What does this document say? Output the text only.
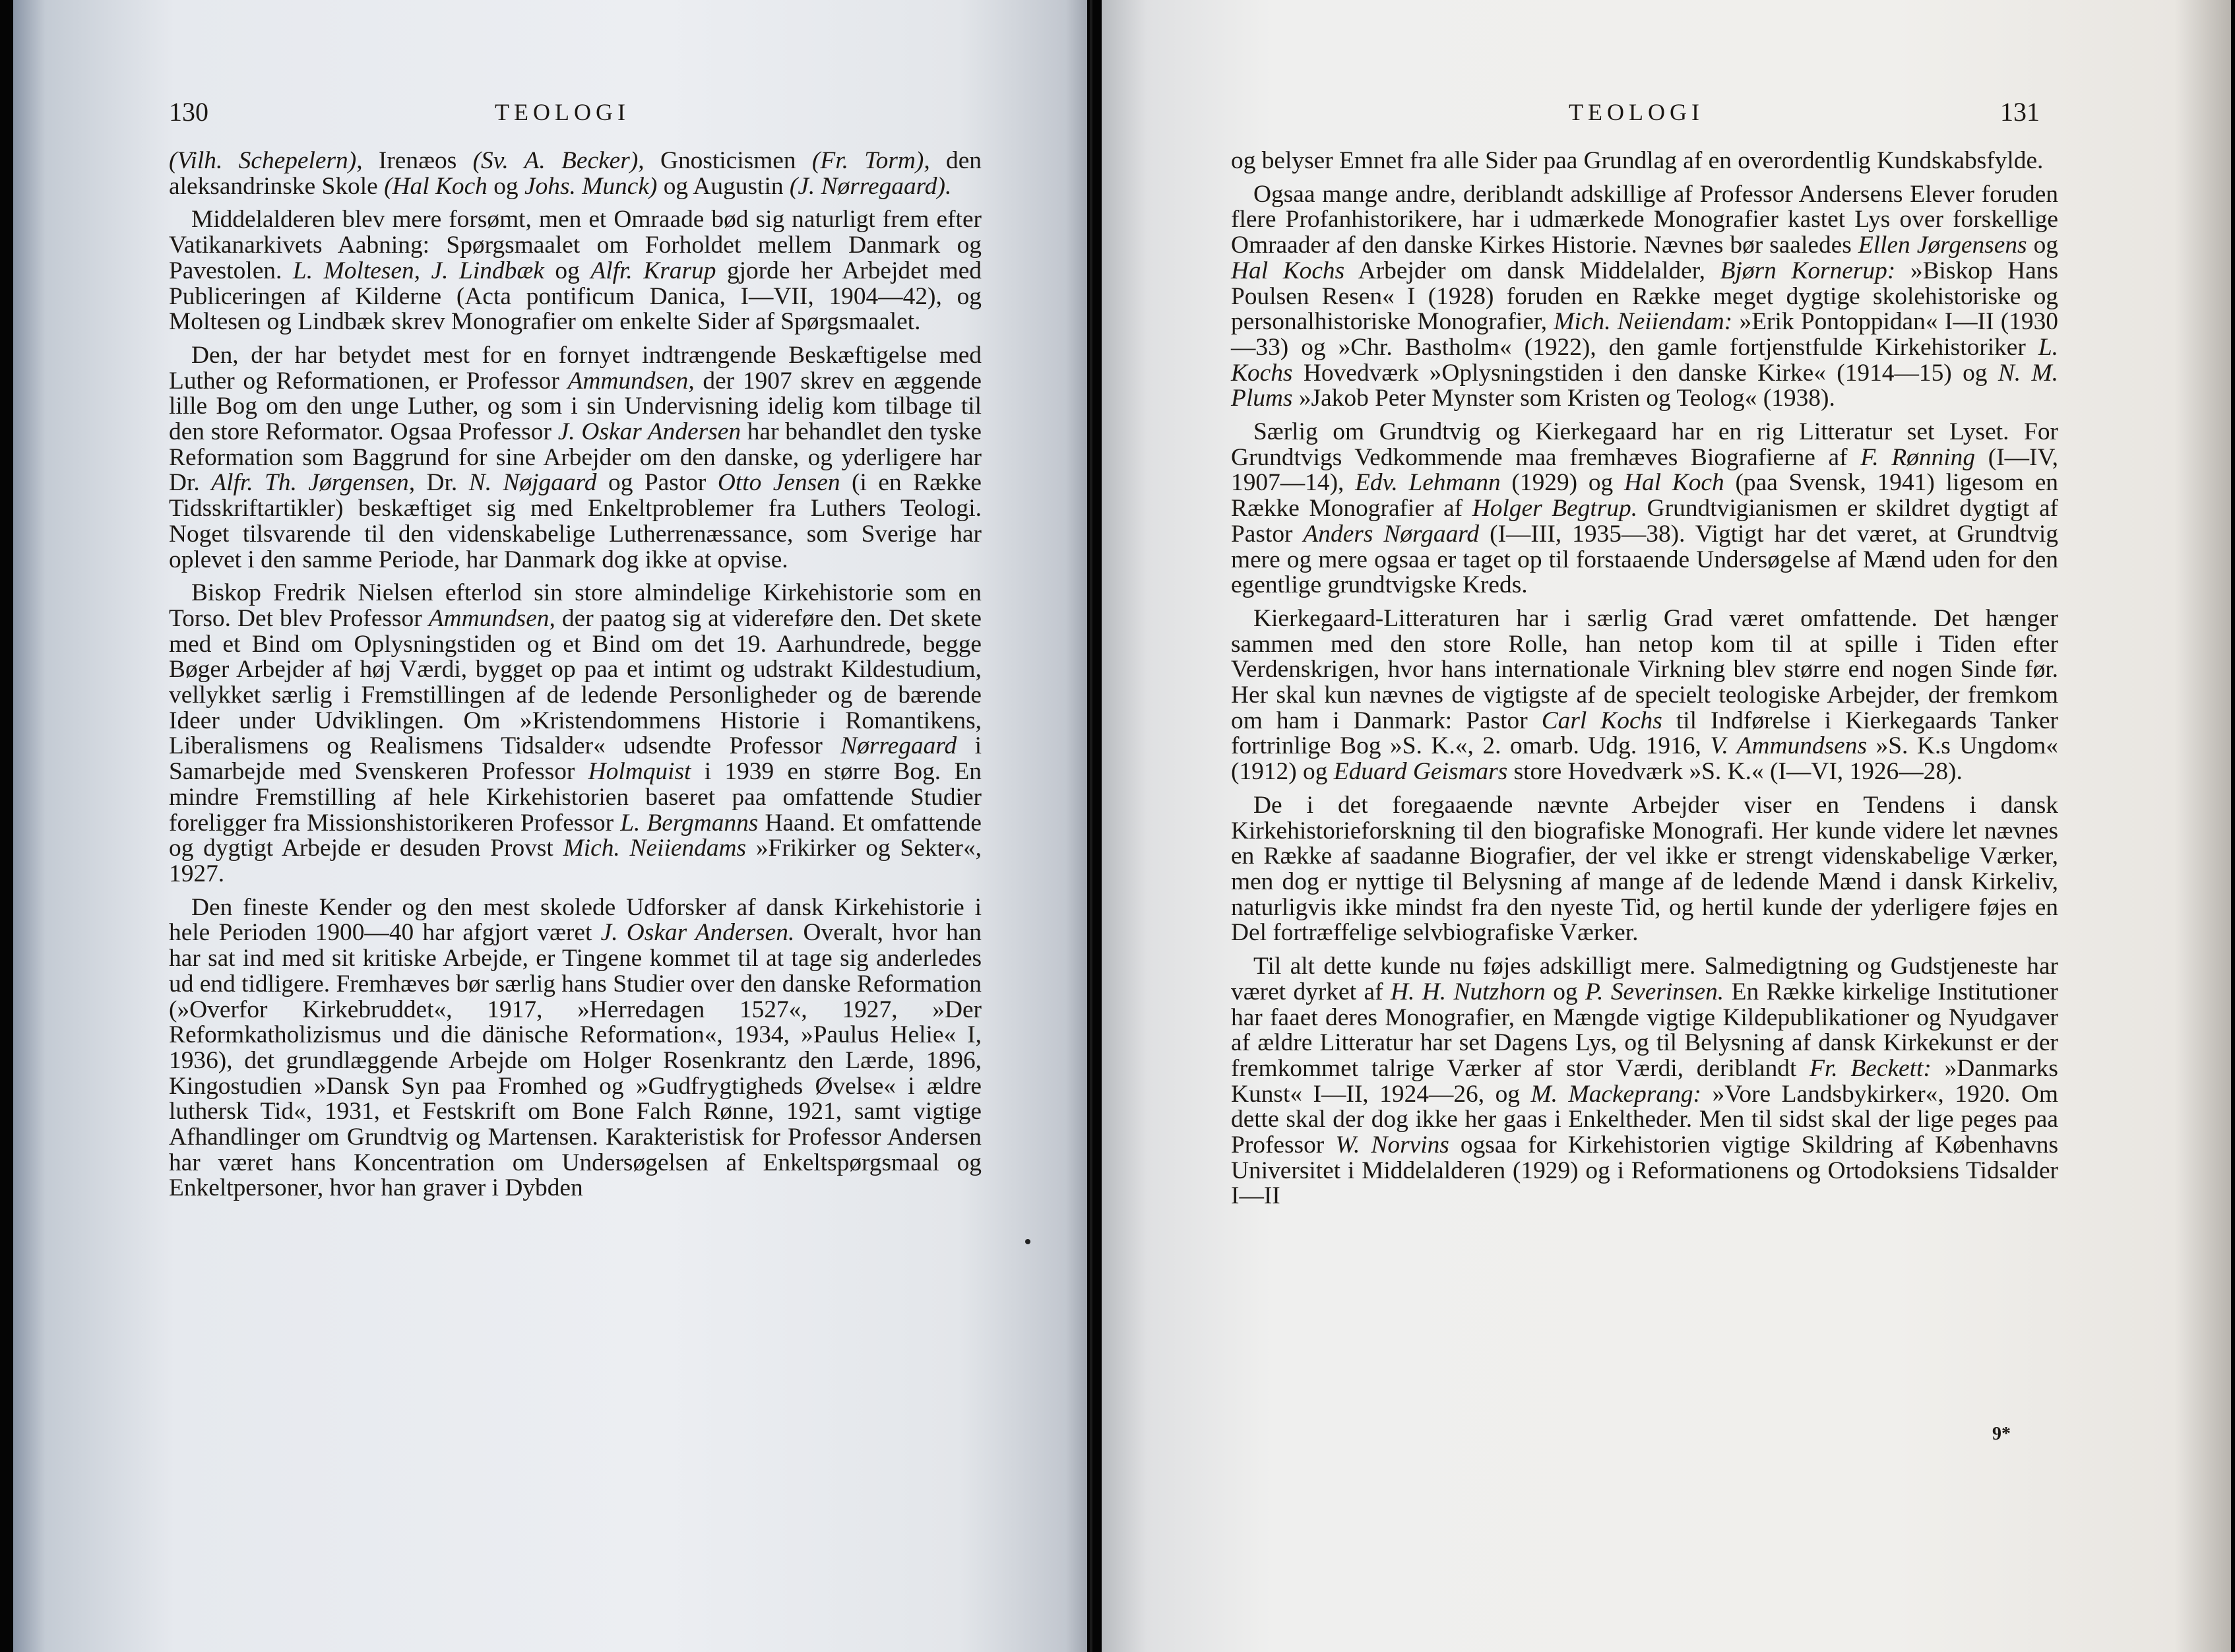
130	TEOLOGI

(Vilh. Schepelern), Irenæos (Sv. A. Becker), Gnosticismen (Fr. Torm), den aleksandrinske Skole (Hal Koch og Johs. Munck) og Augustin (J. Nørregaard).

Middelalderen blev mere forsømt, men et Omraade bød sig naturligt frem efter Vatikanarkivets Aabning: Spørgsmaalet om Forholdet mellem Danmark og Pavestolen. L. Moltesen, J. Lindbæk og Alfr. Krarup gjorde her Arbejdet med Publiceringen af Kilderne (Acta pontificum Danica, I—VII, 1904—42), og Moltesen og Lindbæk skrev Monografier om enkelte Sider af Spørgsmaalet.

Den, der har betydet mest for en fornyet indtrængende Beskæftigelse med Luther og Reformationen, er Professor Ammundsen, der 1907 skrev en æggende lille Bog om den unge Luther, og som i sin Undervisning idelig kom tilbage til den store Reformator. Ogsaa Professor J. Oskar Andersen har behandlet den tyske Reformation som Baggrund for sine Arbejder om den danske, og yderligere har Dr. Alfr. Th. Jørgensen, Dr. N. Nøjgaard og Pastor Otto Jensen (i en Række Tidsskriftartikler) beskæftiget sig med Enkeltproblemer fra Luthers Teologi. Noget tilsvarende til den videnskabelige Lutherrenæssance, som Sverige har oplevet i den samme Periode, har Danmark dog ikke at opvise.

Biskop Fredrik Nielsen efterlod sin store almindelige Kirkehistorie som en Torso. Det blev Professor Ammundsen, der paatog sig at videreføre den. Det skete med et Bind om Oplysningstiden og et Bind om det 19. Aarhundrede, begge Bøger Arbejder af høj Værdi, bygget op paa et intimt og udstrakt Kildestudium, vellykket særlig i Fremstillingen af de ledende Personligheder og de bærende Ideer under Udviklingen. Om »Kristendommens Historie i Romantikens, Liberalismens og Realismens Tidsalder« udsendte Professor Nørregaard i Samarbejde med Svenskeren Professor Holmquist i 1939 en større Bog. En mindre Fremstilling af hele Kirkehistorien baseret paa omfattende Studier foreligger fra Missionshistorikeren Professor L. Bergmanns Haand. Et omfattende og dygtigt Arbejde er desuden Provst Mich. Neiiendams »Frikirker og Sekter«, 1927.

Den fineste Kender og den mest skolede Udforsker af dansk Kirkehistorie i hele Perioden 1900—40 har afgjort været J. Oskar Andersen. Overalt, hvor han har sat ind med sit kritiske Arbejde, er Tingene kommet til at tage sig anderledes ud end tidligere. Fremhæves bør særlig hans Studier over den danske Reformation (»Overfor Kirkebruddet«, 1917, »Herredagen 1527«, 1927, »Der Reformkatholizismus und die dänische Reformation«, 1934, »Paulus Helie« I, 1936), det grundlæggende Arbejde om Holger Rosenkrantz den Lærde, 1896, Kingostudien »Dansk Syn paa Fromhed og »Gudfrygtigheds Øvelse« i ældre luthersk Tid«, 1931, et Festskrift om Bone Falch Rønne, 1921, samt vigtige Afhandlinger om Grundtvig og Martensen. Karakteristisk for Professor Andersen har været hans Koncentration om Undersøgelsen af Enkeltspørgsmaal og Enkeltpersoner, hvor han graver i Dybden

TEOLOGI	131

og belyser Emnet fra alle Sider paa Grundlag af en overordentlig Kundskabsfylde.

Ogsaa mange andre, deriblandt adskillige af Professor Andersens Elever foruden flere Profanhistorikere, har i udmærkede Monografier kastet Lys over forskellige Omraader af den danske Kirkes Historie. Nævnes bør saaledes Ellen Jørgensens og Hal Kochs Arbejder om dansk Middelalder, Bjørn Kornerup: »Biskop Hans Poulsen Resen« I (1928) foruden en Række meget dygtige skolehistoriske og personalhistoriske Monografier, Mich. Neiiendam: »Erik Pontoppidan« I—II (1930—33) og »Chr. Bastholm« (1922), den gamle fortjenstfulde Kirkehistoriker L. Kochs Hovedværk »Oplysningstiden i den danske Kirke« (1914—15) og N. M. Plums »Jakob Peter Mynster som Kristen og Teolog« (1938).

Særlig om Grundtvig og Kierkegaard har en rig Litteratur set Lyset. For Grundtvigs Vedkommende maa fremhæves Biografierne af F. Rønning (I—IV, 1907—14), Edv. Lehmann (1929) og Hal Koch (paa Svensk, 1941) ligesom en Række Monografier af Holger Begtrup. Grundtvigianismen er skildret dygtigt af Pastor Anders Nørgaard (I—III, 1935—38). Vigtigt har det været, at Grundtvig mere og mere ogsaa er taget op til forstaaende Undersøgelse af Mænd uden for den egentlige grundtvigske Kreds.

Kierkegaard-Litteraturen har i særlig Grad været omfattende. Det hænger sammen med den store Rolle, han netop kom til at spille i Tiden efter Verdenskrigen, hvor hans internationale Virkning blev større end nogen Sinde før. Her skal kun nævnes de vigtigste af de specielt teologiske Arbejder, der fremkom om ham i Danmark: Pastor Carl Kochs til Indførelse i Kierkegaards Tanker fortrinlige Bog »S. K.«, 2. omarb. Udg. 1916, V. Ammundsens »S. K.s Ungdom« (1912) og Eduard Geismars store Hovedværk »S. K.« (I—VI, 1926—28).

De i det foregaaende nævnte Arbejder viser en Tendens i dansk Kirkehistorieforskning til den biografiske Monografi. Her kunde videre let nævnes en Række af saadanne Biografier, der vel ikke er strengt videnskabelige Værker, men dog er nyttige til Belysning af mange af de ledende Mænd i dansk Kirkeliv, naturligvis ikke mindst fra den nyeste Tid, og hertil kunde der yderligere føjes en Del fortræffelige selvbiografiske Værker.

Til alt dette kunde nu føjes adskilligt mere. Salmedigtning og Gudstjeneste har været dyrket af H. H. Nutzhorn og P. Severinsen. En Række kirkelige Institutioner har faaet deres Monografier, en Mængde vigtige Kildepublikationer og Nyudgaver af ældre Litteratur har set Dagens Lys, og til Belysning af dansk Kirkekunst er der fremkommet talrige Værker af stor Værdi, deriblandt Fr. Beckett: »Danmarks Kunst« I—II, 1924—26, og M. Mackeprang: »Vore Landsbykirker«, 1920. Om dette skal der dog ikke her gaas i Enkeltheder. Men til sidst skal der lige peges paa Professor W. Norvins ogsaa for Kirkehistorien vigtige Skildring af Københavns Universitet i Middelalderen (1929) og i Reformationens og Ortodoksiens Tidsalder I—II

9*
